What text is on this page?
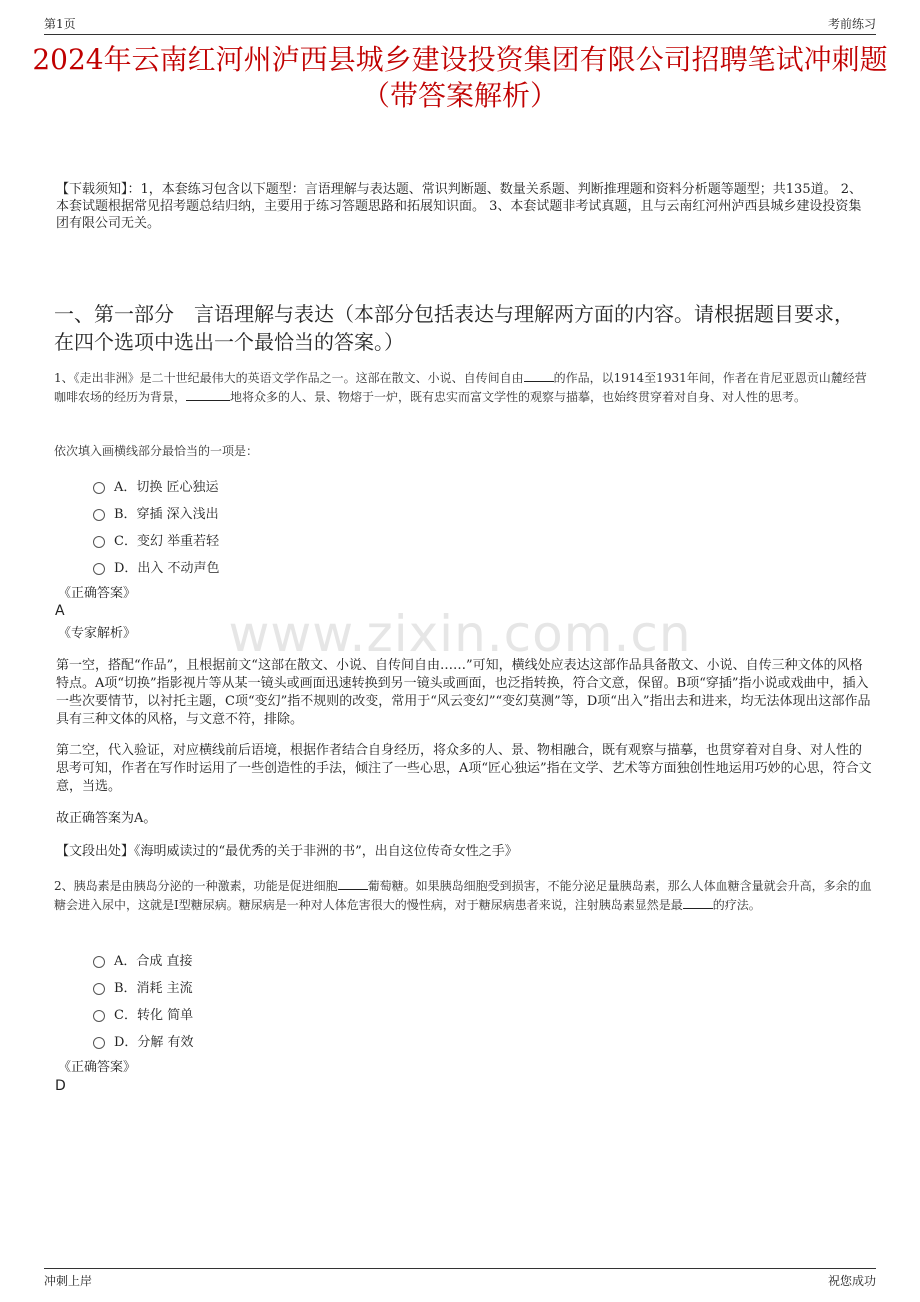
第1页	考前练习
2024年云南红河州泸西县城乡建设投资集团有限公司招聘笔试冲刺题（带答案解析）
【下载须知】：1，本套练习包含以下题型：言语理解与表达题、常识判断题、数量关系题、判断推理题和资料分析题等题型；共135道。 2、本套试题根据常见招考题总结归纳，主要用于练习答题思路和拓展知识面。 3、本套试题非考试真题，且与云南红河州泸西县城乡建设投资集团有限公司无关。
一、第一部分　言语理解与表达（本部分包括表达与理解两方面的内容。请根据题目要求，在四个选项中选出一个最恰当的答案。）
www.zixin.com.cn
1、《走出非洲》是二十世纪最伟大的英语文学作品之一。这部在散文、小说、自传间自由	的作品，以1914至1931年间，作者在肯尼亚恩贡山麓经营咖啡农场的经历为背景，	地将众多的人、景、物熔于一炉，既有忠实而富文学性的观察与描摹，也始终贯穿着对自身、对人性的思考。
依次填入画横线部分最恰当的一项是：
A．切换 匠心独运
B．穿插 深入浅出
C．变幻 举重若轻
D．出入 不动声色
《正确答案》
A
《专家解析》
第一空，搭配“作品”，且根据前文“这部在散文、小说、自传间自由……”可知，横线处应表达这部作品具备散文、小说、自传三种文体的风格特点。A项“切换”指影视片等从某一镜头或画面迅速转换到另一镜头或画面，也泛指转换，符合文意，保留。B项“穿插”指小说或戏曲中，插入一些次要情节，以衬托主题，C项“变幻”指不规则的改变，常用于“风云变幻”“变幻莫测”等，D项“出入”指出去和进来，均无法体现出这部作品具有三种文体的风格，与文意不符，排除。
第二空，代入验证，对应横线前后语境，根据作者结合自身经历，将众多的人、景、物相融合，既有观察与描摹，也贯穿着对自身、对人性的思考可知，作者在写作时运用了一些创造性的手法，倾注了一些心思，A项“匠心独运”指在文学、艺术等方面独创性地运用巧妙的心思，符合文意，当选。
故正确答案为A。
【文段出处】《海明威读过的“最优秀的关于非洲的书”，出自这位传奇女性之手》
2、胰岛素是由胰岛分泌的一种激素，功能是促进细胞	葡萄糖。如果胰岛细胞受到损害，不能分泌足量胰岛素，那么人体血糖含量就会升高，多余的血糖会进入尿中，这就是I型糖尿病。糖尿病是一种对人体危害很大的慢性病，对于糖尿病患者来说，注射胰岛素显然是最	的疗法。
A．合成 直接
B．消耗 主流
C．转化 简单
D．分解 有效
《正确答案》
D
冲刺上岸	祝您成功
